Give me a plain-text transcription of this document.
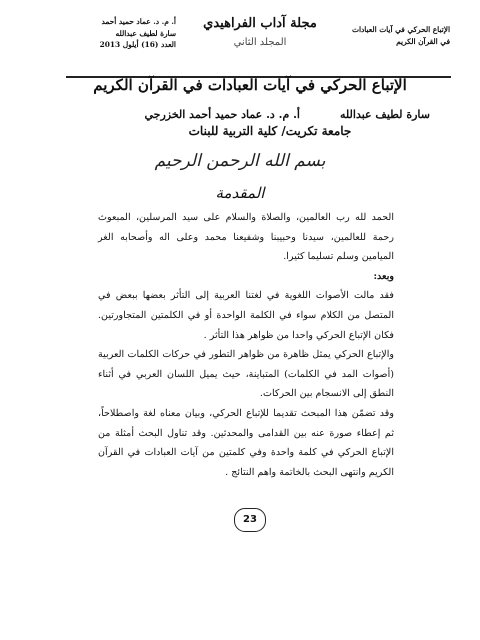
الإتباع الحركي في آيات العبادات
في القرآن الكريم
مجلة آداب الفراهيدي
المجلد الثاني
أ. م. د. عماد حميد أحمد
سارة لطيف عبدالله
العدد (16) أيلول 2013
الإتباع الحركي في آيات العبادات في القرآن الكريم
أ. م. د. عماد حميد أحمد الخزرجي	سارة لطيف عبدالله
جامعة تكريت/ كلية التربية للبنات
بسم الله الرحمن الرحيم
المقدمة

الحمد لله رب العالمين، والصلاة والسلام على سيد المرسلين، المبعوث رحمة للعالمين، سيدنا وحبيبنا وشفيعنا محمد وعلى اله وأصحابه الغر الميامين وسلم تسليما كثيرا.

وبعد:

فقد مالت الأصوات اللغوية في لغتنا العربية إلى التأثر بعضها ببعض في المتصل من الكلام سواء في الكلمة الواحدة أو في الكلمتين المتجاورتين. فكان الإتباع الحركي واحدا من ظواهر هذا التأثر .

والإتباع الحركي يمثل ظاهرة من ظواهر التطور في حركات الكلمات العربية (أصوات المد في الكلمات) المتباينة، حيث يميل اللسان العربي في أثناء النطق إلى الانسجام بين الحركات.

وقد تضمّن هذا المبحث تقديما للإتباع الحركي، وبيان معناه لغة واصطلاحاً، ثم إعطاء صورة عنه بين القدامى والمحدثين. وقد تناول البحث أمثلة من الإتباع الحركي في كلمة واحدة وفي كلمتين من آيات العبادات في القرآن الكريم وانتهى البحث بالخاتمة واهم النتائج .

23
